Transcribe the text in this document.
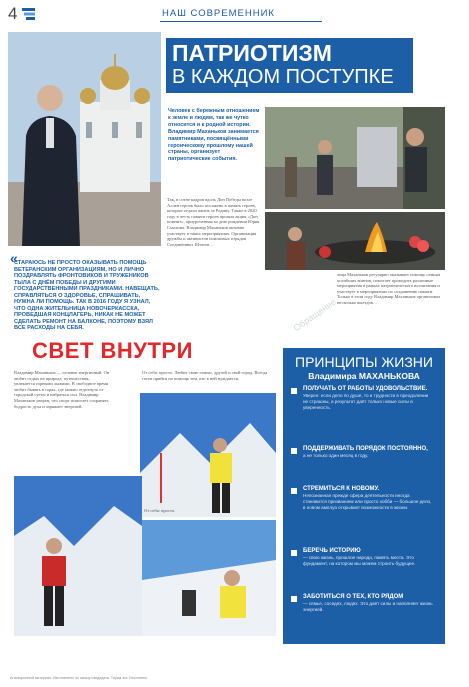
4	НАШ СОВРЕМЕННИК
ПАТРИОТИЗМ
В КАЖДОМ ПОСТУПКЕ
Человек с бережным отношением к земле и людям, так же чутко относится и к родной истории. Владимир Маханьков занимается памятниками, посвящёнными героическому прошлому нашей страны, организует патриотические события.
Так, в сотне кадров вдоль Дон Победы возле Аллеи героев было посажено в память героев, которые отдали жизнь за Родину. Также в 2020 году в честь памяти героев прошла акция «Дон помнит», приуроченная ко дню рождения Юрия Смолина. Владимир Маханьков активно участвует в таких мероприятиях. Организация дружбы и активистов поисковых отрядов Соединённых Штатов…
лица Маханьков регулярно оказывает помощь семьям погибших воинов, помогает проводить различные мероприятия в рамках патриотического воспитания и участвует в мероприятиях по сохранению памяти. Только в этом году Владимир Маханьков организовал несколько выездов…
«
СТАРАЮСЬ НЕ ПРОСТО ОКАЗЫВАТЬ ПОМОЩЬ ВЕТЕРАНСКИМ ОРГАНИЗАЦИЯМ, НО И ЛИЧНО ПОЗДРАВЛЯТЬ ФРОНТОВИКОВ И ТРУЖЕНИКОВ ТЫЛА С ДНЁМ ПОБЕДЫ И ДРУГИМИ ГОСУДАРСТВЕННЫМИ ПРАЗДНИКАМИ. НАВЕЩАТЬ, СПРАВЛЯТЬСЯ О ЗДОРОВЬЕ, СПРАШИВАТЬ, НУЖНА ЛИ ПОМОЩЬ. ТАК В 2016 ГОДУ Я УЗНАЛ, ЧТО ОДНА ЖИТЕЛЬНИЦА НОВОЧЕРКАССКА, ПРОВЕДШАЯ КОНЦЛАГЕРЬ, НИКАК НЕ МОЖЕТ СДЕЛАТЬ РЕМОНТ НА БАЛКОНЕ, ПОЭТОМУ ВЗЯЛ ВСЕ РАСХОДЫ НА СЕБЯ.
СВЕТ ВНУТРИ
Владимир Маханьков — человек энергичный. Он любит отдых на природе, путешествия, увлекается горными лыжами. В свободное время любит бывать в горах, где можно отдохнуть от городской суеты и набраться сил. Владимир Маханьков уверен, что спорт помогает сохранять бодрость духа и заряжает энергией.
От себя: просто. Любит свою семью, друзей и свой город. Всегда готов прийти на помощь тем, кто в ней нуждается.
От себя: просто.
ПРИНЦИПЫ ЖИЗНИ
Владимира МАХАНЬКОВА
ПОЛУЧАТЬ ОТ РАБОТЫ УДОВОЛЬСТВИЕ.
Уверен: если дело по душе, то и трудности в преодолении не страшны, а результат даёт только новые силы и уверенность.
ПОДДЕРЖИВАТЬ ПОРЯДОК ПОСТОЯННО,
а не только один месяц в году.
СТРЕМИТЬСЯ К НОВОМУ.
Непознанная прежде сфера деятельности иногда становится призванием или просто хобби — большое дело, в новом амплуа открывает возможности в жизни.
БЕРЕЧЬ ИСТОРИЮ
— свою жизнь, прошлое народа, память места. Это фундамент, на котором мы можем строить будущее.
ЗАБОТИТЬСЯ О ТЕХ, КТО РЯДОМ
— семье, соседях, людях. Это даёт силы и наполняет жизнь энергией.
Обращение
Агитационный материал. Изготовлено по заказу кандидата. Тираж экз. Бесплатно.
